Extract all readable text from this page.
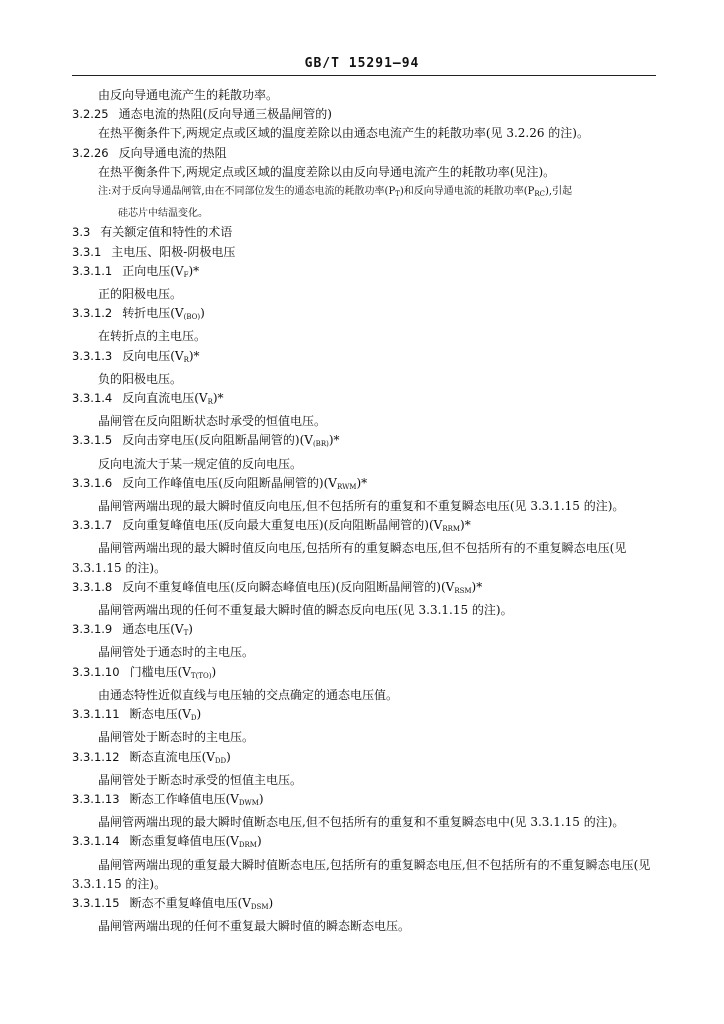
GB/T 15291—94
由反向导通电流产生的耗散功率。
3.2.25 通态电流的热阻(反向导通三极晶闸管的)
在热平衡条件下,两规定点或区域的温度差除以由通态电流产生的耗散功率(见 3.2.26 的注)。
3.2.26 反向导通电流的热阻
在热平衡条件下,两规定点或区域的温度差除以由反向导通电流产生的耗散功率(见注)。
注:对于反向导通晶闸管,由在不同部位发生的通态电流的耗散功率$(P_T)$和反向导通电流的耗散功率$(P_{RC})$,引起
硅芯片中结温变化。
3.3 有关额定值和特性的术语
3.3.1 主电压、阳极-阴极电压
3.3.1.1 正向电压$(V_F)*$
正的阳极电压。
3.3.1.2 转折电压$(V_{(BO)})$
在转折点的主电压。
3.3.1.3 反向电压$(V_R)*$
负的阳极电压。
3.3.1.4 反向直流电压$(V_R)*$
晶闸管在反向阻断状态时承受的恒值电压。
3.3.1.5 反向击穿电压(反向阻断晶闸管的)$(V_{(BR)})*$
反向电流大于某一规定值的反向电压。
3.3.1.6 反向工作峰值电压(反向阻断晶闸管的)$(V_{RWM})*$
晶闸管两端出现的最大瞬时值反向电压,但不包括所有的重复和不重复瞬态电压(见 3.3.1.15 的注)。
3.3.1.7 反向重复峰值电压(反向最大重复电压)(反向阻断晶闸管的)$(V_{RRM})*$
晶闸管两端出现的最大瞬时值反向电压,包括所有的重复瞬态电压,但不包括所有的不重复瞬态电压(见 3.3.1.15 的注)。
3.3.1.8 反向不重复峰值电压(反向瞬态峰值电压)(反向阻断晶闸管的)$(V_{RSM})*$
晶闸管两端出现的任何不重复最大瞬时值的瞬态反向电压(见 3.3.1.15 的注)。
3.3.1.9 通态电压$(V_T)$
晶闸管处于通态时的主电压。
3.3.1.10 门槛电压$(V_{T(TO)})$
由通态特性近似直线与电压轴的交点确定的通态电压值。
3.3.1.11 断态电压$(V_D)$
晶闸管处于断态时的主电压。
3.3.1.12 断态直流电压$(V_{DD})$
晶闸管处于断态时承受的恒值主电压。
3.3.1.13 断态工作峰值电压$(V_{DWM})$
晶闸管两端出现的最大瞬时值断态电压,但不包括所有的重复和不重复瞬态电中(见 3.3.1.15 的注)。
3.3.1.14 断态重复峰值电压$(V_{DRM})$
晶闸管两端出现的重复最大瞬时值断态电压,包括所有的重复瞬态电压,但不包括所有的不重复瞬态电压(见 3.3.1.15 的注)。
3.3.1.15 断态不重复峰值电压$(V_{DSM})$
晶闸管两端出现的任何不重复最大瞬时值的瞬态断态电压。
